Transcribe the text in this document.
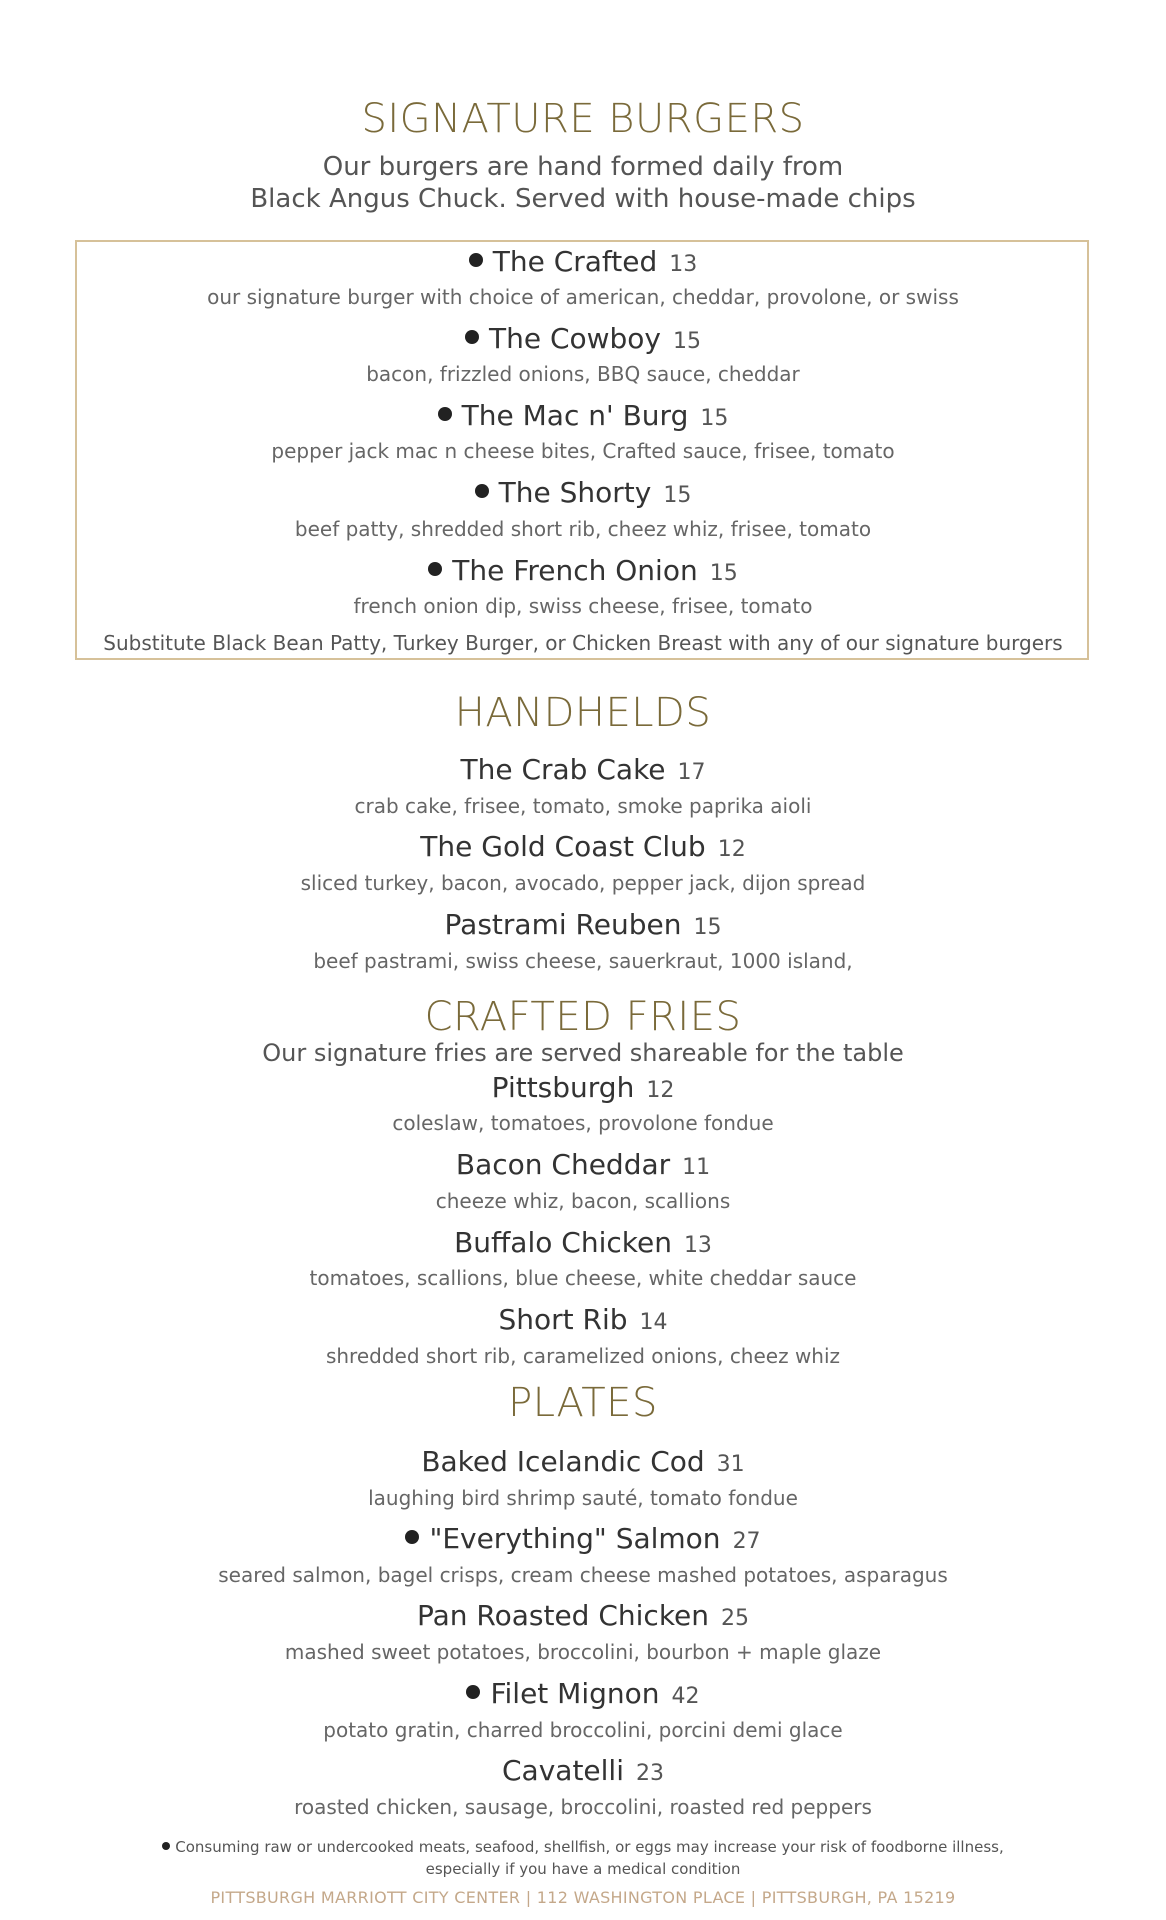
SIGNATURE BURGERS
Our burgers are hand formed daily from
Black Angus Chuck. Served with house-made chips
The Crafted 13
our signature burger with choice of american, cheddar, provolone, or swiss
The Cowboy 15
bacon, frizzled onions, BBQ sauce, cheddar
The Mac n' Burg 15
pepper jack mac n cheese bites, Crafted sauce, frisee, tomato
The Shorty 15
beef patty, shredded short rib, cheez whiz, frisee, tomato
The French Onion 15
french onion dip, swiss cheese, frisee, tomato
Substitute Black Bean Patty, Turkey Burger, or Chicken Breast with any of our signature burgers
HANDHELDS
The Crab Cake 17
crab cake, frisee, tomato, smoke paprika aioli
The Gold Coast Club 12
sliced turkey, bacon, avocado, pepper jack, dijon spread
Pastrami Reuben 15
beef pastrami, swiss cheese, sauerkraut, 1000 island,
CRAFTED FRIES
Our signature fries are served shareable for the table
Pittsburgh 12
coleslaw, tomatoes, provolone fondue
Bacon Cheddar 11
cheeze whiz, bacon, scallions
Buffalo Chicken 13
tomatoes, scallions, blue cheese, white cheddar sauce
Short Rib 14
shredded short rib, caramelized onions, cheez whiz
PLATES
Baked Icelandic Cod 31
laughing bird shrimp sauté, tomato fondue
"Everything" Salmon 27
seared salmon, bagel crisps, cream cheese mashed potatoes, asparagus
Pan Roasted Chicken 25
mashed sweet potatoes, broccolini, bourbon + maple glaze
Filet Mignon 42
potato gratin, charred broccolini, porcini demi glace
Cavatelli 23
roasted chicken, sausage, broccolini, roasted red peppers
Consuming raw or undercooked meats, seafood, shellfish, or eggs may increase your risk of foodborne illness,
especially if you have a medical condition
PITTSBURGH MARRIOTT CITY CENTER | 112 WASHINGTON PLACE | PITTSBURGH, PA 15219
